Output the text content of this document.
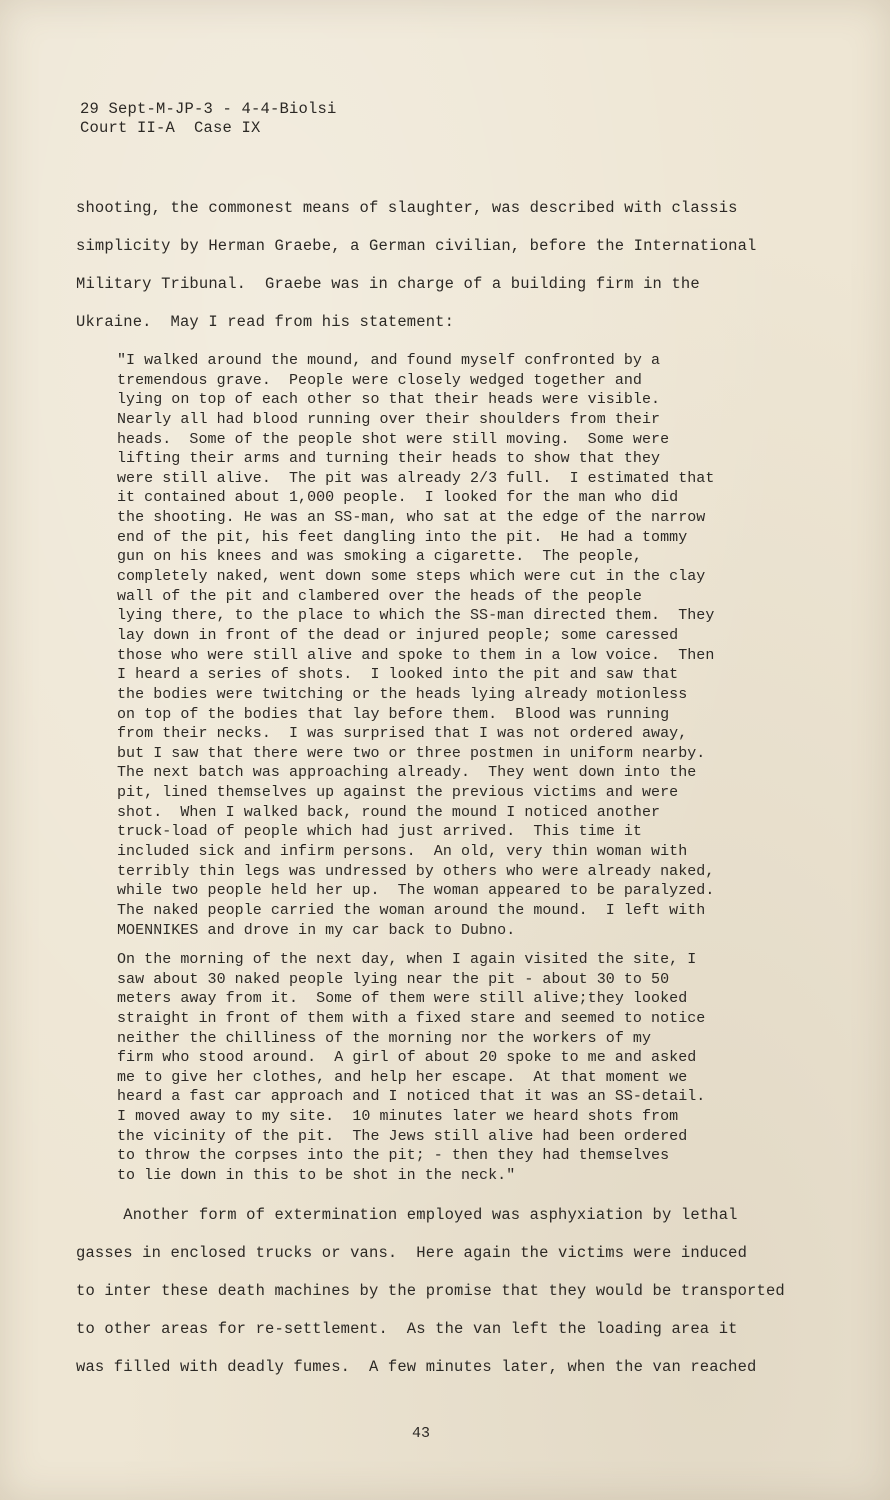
29 Sept-M-JP-3 - 4-4-Biolsi
Court II-A  Case IX
shooting, the commonest means of slaughter, was described with classis
simplicity by Herman Graebe, a German civilian, before the International
Military Tribunal.  Graebe was in charge of a building firm in the
Ukraine.  May I read from his statement:
"I walked around the mound, and found myself confronted by a
tremendous grave.  People were closely wedged together and
lying on top of each other so that their heads were visible.
Nearly all had blood running over their shoulders from their
heads.  Some of the people shot were still moving.  Some were
lifting their arms and turning their heads to show that they
were still alive.  The pit was already 2/3 full.  I estimated that
it contained about 1,000 people.  I looked for the man who did
the shooting. He was an SS-man, who sat at the edge of the narrow
end of the pit, his feet dangling into the pit.  He had a tommy
gun on his knees and was smoking a cigarette.  The people,
completely naked, went down some steps which were cut in the clay
wall of the pit and clambered over the heads of the people
lying there, to the place to which the SS-man directed them.  They
lay down in front of the dead or injured people; some caressed
those who were still alive and spoke to them in a low voice.  Then
I heard a series of shots.  I looked into the pit and saw that
the bodies were twitching or the heads lying already motionless
on top of the bodies that lay before them.  Blood was running
from their necks.  I was surprised that I was not ordered away,
but I saw that there were two or three postmen in uniform nearby.
The next batch was approaching already.  They went down into the
pit, lined themselves up against the previous victims and were
shot.  When I walked back, round the mound I noticed another
truck-load of people which had just arrived.  This time it
included sick and infirm persons.  An old, very thin woman with
terribly thin legs was undressed by others who were already naked,
while two people held her up.  The woman appeared to be paralyzed.
The naked people carried the woman around the mound.  I left with
MOENNIKES and drove in my car back to Dubno.
On the morning of the next day, when I again visited the site, I
saw about 30 naked people lying near the pit - about 30 to 50
meters away from it.  Some of them were still alive;they looked
straight in front of them with a fixed stare and seemed to notice
neither the chilliness of the morning nor the workers of my
firm who stood around.  A girl of about 20 spoke to me and asked
me to give her clothes, and help her escape.  At that moment we
heard a fast car approach and I noticed that it was an SS-detail.
I moved away to my site.  10 minutes later we heard shots from
the vicinity of the pit.  The Jews still alive had been ordered
to throw the corpses into the pit; - then they had themselves
to lie down in this to be shot in the neck."
Another form of extermination employed was asphyxiation by lethal
gasses in enclosed trucks or vans.  Here again the victims were induced
to inter these death machines by the promise that they would be transported
to other areas for re-settlement.  As the van left the loading area it
was filled with deadly fumes.  A few minutes later, when the van reached
43
